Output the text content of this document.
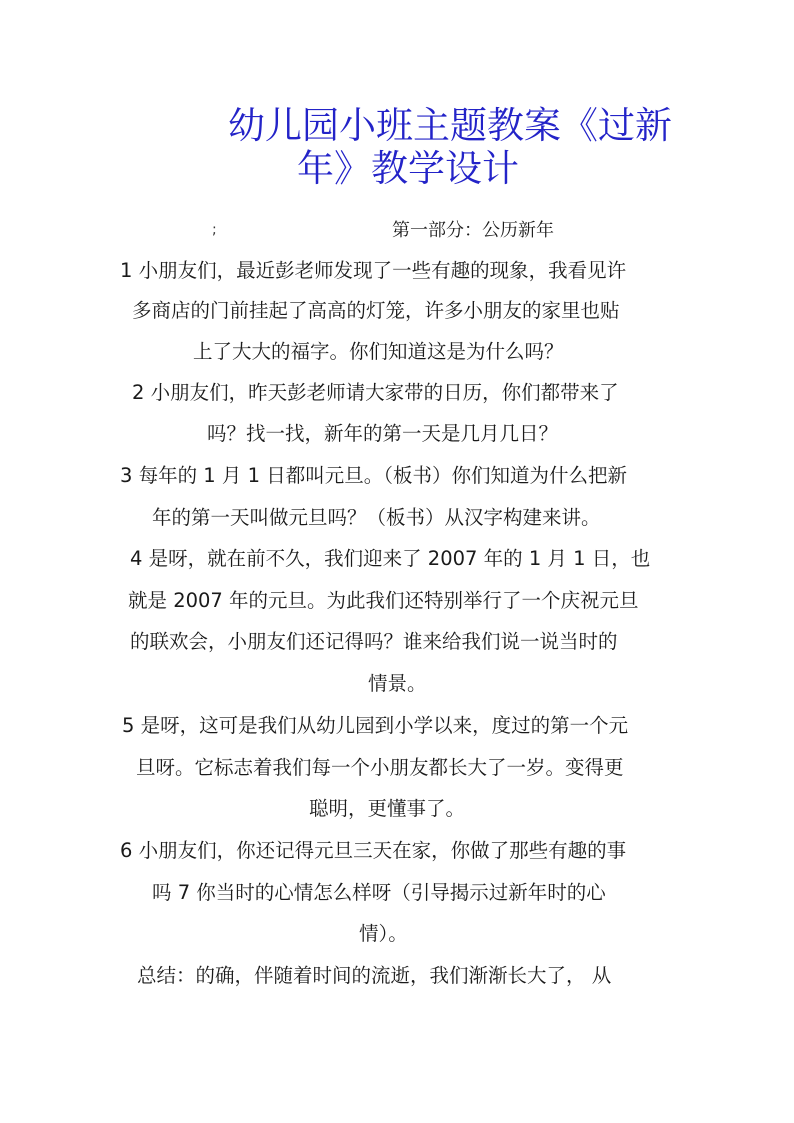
幼儿园小班主题教案《过新
年》教学设计
;	第一部分：公历新年
1 小朋友们，最近彭老师发现了一些有趣的现象，我看见许
多商店的门前挂起了高高的灯笼，许多小朋友的家里也贴
上了大大的福字。你们知道这是为什么吗？
2 小朋友们，昨天彭老师请大家带的日历，你们都带来了
吗？找一找，新年的第一天是几月几日？
3 每年的 1 月 1 日都叫元旦。（板书）你们知道为什么把新
年的第一天叫做元旦吗？（板书）从汉字构建来讲。
4 是呀，就在前不久，我们迎来了 2007 年的 1 月 1 日，也
就是 2007 年的元旦。为此我们还特别举行了一个庆祝元旦
的联欢会，小朋友们还记得吗？谁来给我们说一说当时的
情景。
5 是呀，这可是我们从幼儿园到小学以来，度过的第一个元
旦呀。它标志着我们每一个小朋友都长大了一岁。变得更
聪明，更懂事了。
6 小朋友们，你还记得元旦三天在家，你做了那些有趣的事
吗 7 你当时的心情怎么样呀（引导揭示过新年时的心
情）。
总结：的确，伴随着时间的流逝，我们渐渐长大了， 从
